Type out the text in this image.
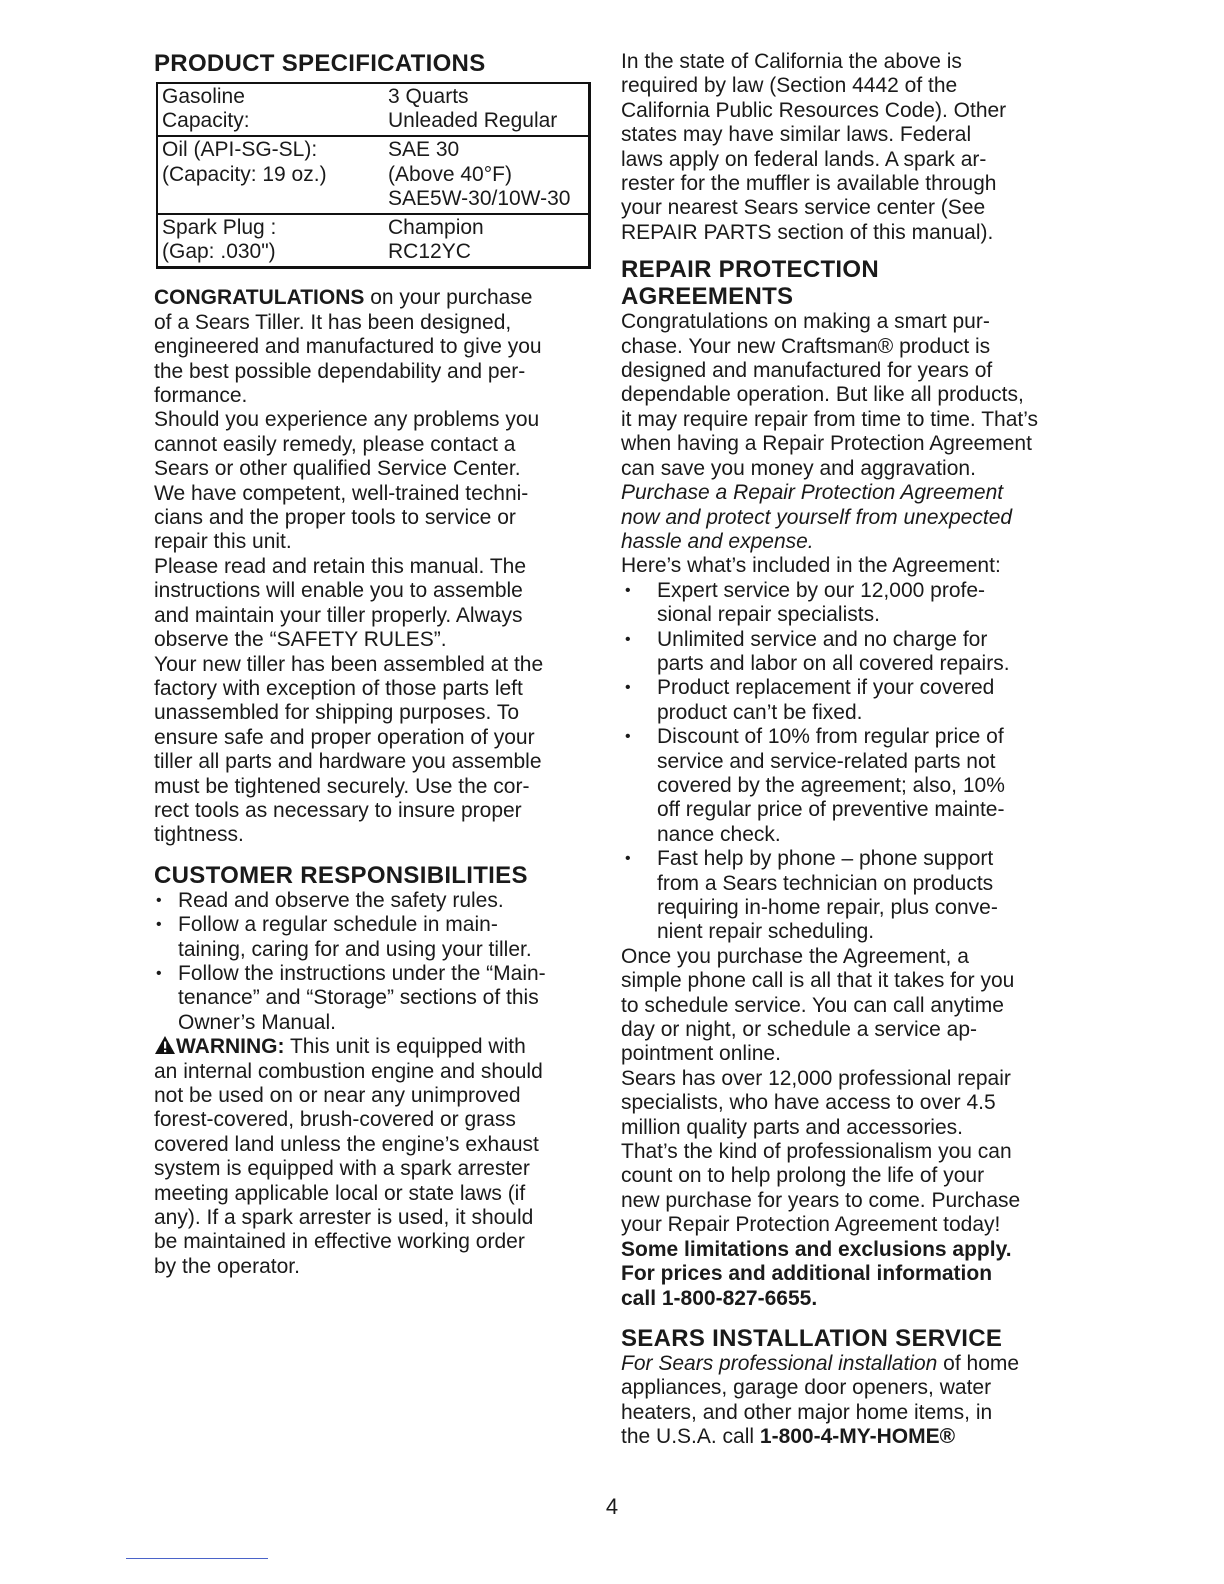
PRODUCT SPECIFICATIONS
Gasoline
Capacity:
3 Quarts
Unleaded Regular
Oil (API-SG-SL):
(Capacity: 19 oz.)
SAE 30
(Above 40°F)
SAE5W-30/10W-30
Spark Plug :
(Gap: .030")
Champion
RC12YC
CONGRATULATIONS on your purchase
of a Sears Tiller. It has been designed,
engineered and manufactured to give you
the best possible dependability and per-
formance.
Should you experience any problems you
cannot easily remedy, please contact a
Sears or other qualified Service Center.
We have competent, well-trained techni-
cians and the proper tools to service or
repair this unit.
Please read and retain this manual. The
instructions will enable you to assemble
and maintain your tiller properly. Always
observe the “SAFETY RULES”.
Your new tiller has been assembled at the
factory with exception of those parts left
unassembled for shipping purposes. To
ensure safe and proper operation of your
tiller all parts and hardware you assemble
must be tightened securely. Use the cor-
rect tools as necessary to insure proper
tightness.
CUSTOMER RESPONSIBILITIES
• Read and observe the safety rules.
• Follow a regular schedule in main-
taining, caring for and using your tiller.
• Follow the instructions under the “Main-
tenance” and “Storage” sections of this
Owner’s Manual.
WARNING: This unit is equipped with
an internal combustion engine and should
not be used on or near any unimproved
forest-covered, brush-covered or grass
covered land unless the engine’s exhaust
system is equipped with a spark arrester
meeting applicable local or state laws (if
any). If a spark arrester is used, it should
be maintained in effective working order
by the operator.
In the state of California the above is
required by law (Section 4442 of the
California Public Resources Code). Other
states may have similar laws. Federal
laws apply on federal lands. A spark ar-
rester for the muffler is available through
your nearest Sears service center (See
REPAIR PARTS section of this manual).
REPAIR PROTECTION
AGREEMENTS
Congratulations on making a smart pur-
chase. Your new Craftsman® product is
designed and manufactured for years of
dependable operation. But like all products,
it may require repair from time to time. That’s
when having a Repair Protection Agreement
can save you money and aggravation.
Purchase a Repair Protection Agreement
now and protect yourself from unexpected
hassle and expense.
Here’s what’s included in the Agreement:
• Expert service by our 12,000 profe-
sional repair specialists.
• Unlimited service and no charge for
parts and labor on all covered repairs.
• Product replacement if your covered
product can’t be fixed.
• Discount of 10% from regular price of
service and service-related parts not
covered by the agreement; also, 10%
off regular price of preventive mainte-
nance check.
• Fast help by phone – phone support
from a Sears technician on products
requiring in-home repair, plus conve-
nient repair scheduling.
Once you purchase the Agreement, a
simple phone call is all that it takes for you
to schedule service. You can call anytime
day or night, or schedule a service ap-
pointment online.
Sears has over 12,000 professional repair
specialists, who have access to over 4.5
million quality parts and accessories.
That’s the kind of professionalism you can
count on to help prolong the life of your
new purchase for years to come. Purchase
your Repair Protection Agreement today!
Some limitations and exclusions apply.
For prices and additional information
call 1-800-827-6655.
SEARS INSTALLATION SERVICE
For Sears professional installation of home
appliances, garage door openers, water
heaters, and other major home items, in
the U.S.A. call 1-800-4-MY-HOME®
4
